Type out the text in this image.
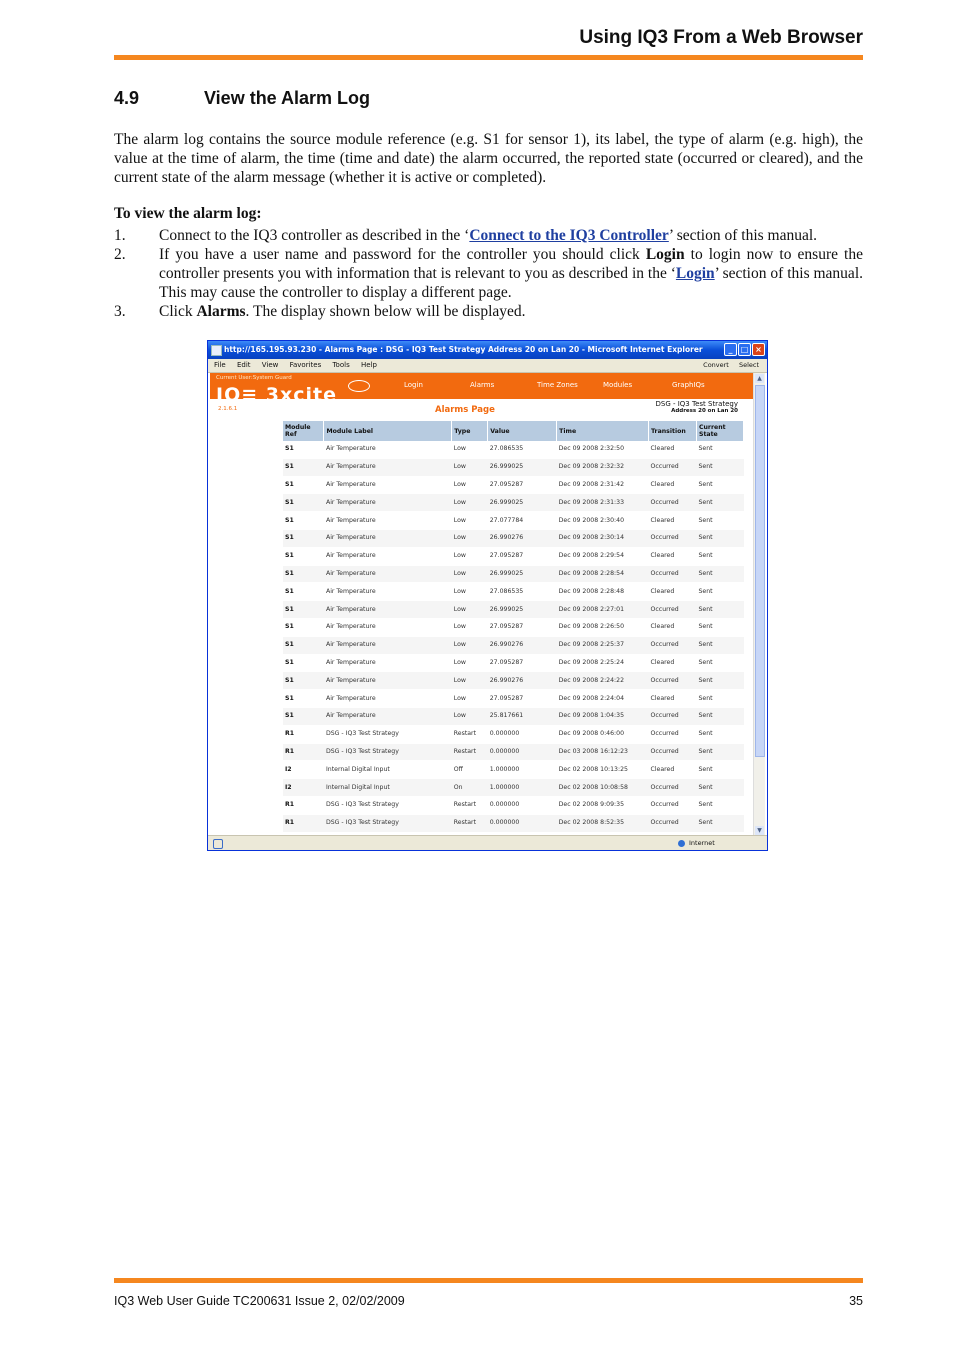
Using IQ3 From a Web Browser
4.9	View the Alarm Log

The alarm log contains the source module reference (e.g. S1 for sensor 1), its label, the type of alarm (e.g. high), the value at the time of alarm, the time (time and date) the alarm occurred, the reported state (occurred or cleared), and the current state of the alarm message (whether it is active or completed).

To view the alarm log:
1. Connect to the IQ3 controller as described in the ‘Connect to the IQ3 Controller’ section of this manual.
2. If you have a user name and password for the controller you should click Login to login now to ensure the controller presents you with information that is relevant to you as described in the ‘Login’ section of this manual. This may cause the controller to display a different page.
3. Click Alarms. The display shown below will be displayed.
http://165.195.93.230 - Alarms Page : DSG - IQ3 Test Strategy Address 20 on Lan 20 - Microsoft Internet Explorer	_	□ ×
File Edit View Favorites Tools Help	Convert Select
Current User:System Guard
Login	Alarms	Time Zones	Modules	GraphIQs
IQ≡ 3xcite
2.1.6.1	Alarms Page
DSG - IQ3 Test Strategy
Address 20 on Lan 20
Module Ref	Module Label	Type	Value	Time	Transition	Current State
S1	Air Temperature	Low	27.086535	Dec 09 2008 2:32:50	Cleared	Sent
S1	Air Temperature	Low	26.999025	Dec 09 2008 2:32:32	Occurred	Sent
S1	Air Temperature	Low	27.095287	Dec 09 2008 2:31:42	Cleared	Sent
S1	Air Temperature	Low	26.999025	Dec 09 2008 2:31:33	Occurred	Sent
S1	Air Temperature	Low	27.077784	Dec 09 2008 2:30:40	Cleared	Sent
S1	Air Temperature	Low	26.990276	Dec 09 2008 2:30:14	Occurred	Sent
S1	Air Temperature	Low	27.095287	Dec 09 2008 2:29:54	Cleared	Sent
S1	Air Temperature	Low	26.999025	Dec 09 2008 2:28:54	Occurred	Sent
S1	Air Temperature	Low	27.086535	Dec 09 2008 2:28:48	Cleared	Sent
S1	Air Temperature	Low	26.999025	Dec 09 2008 2:27:01	Occurred	Sent
S1	Air Temperature	Low	27.095287	Dec 09 2008 2:26:50	Cleared	Sent
S1	Air Temperature	Low	26.990276	Dec 09 2008 2:25:37	Occurred	Sent
S1	Air Temperature	Low	27.095287	Dec 09 2008 2:25:24	Cleared	Sent
S1	Air Temperature	Low	26.990276	Dec 09 2008 2:24:22	Occurred	Sent
S1	Air Temperature	Low	27.095287	Dec 09 2008 2:24:04	Cleared	Sent
S1	Air Temperature	Low	25.817661	Dec 09 2008 1:04:35	Occurred	Sent
R1	DSG - IQ3 Test Strategy	Restart	0.000000	Dec 09 2008 0:46:00	Occurred	Sent
R1	DSG - IQ3 Test Strategy	Restart	0.000000	Dec 03 2008 16:12:23	Occurred	Sent
I2	Internal Digital Input	Off	1.000000	Dec 02 2008 10:13:25	Cleared	Sent
I2	Internal Digital Input	On	1.000000	Dec 02 2008 10:08:58	Occurred	Sent
R1	DSG - IQ3 Test Strategy	Restart	0.000000	Dec 02 2008 9:09:35	Occurred	Sent
R1	DSG - IQ3 Test Strategy	Restart	0.000000	Dec 02 2008 8:52:35	Occurred	Sent
▲
▼
Internet
IQ3 Web User Guide TC200631 Issue 2, 02/02/2009	35
